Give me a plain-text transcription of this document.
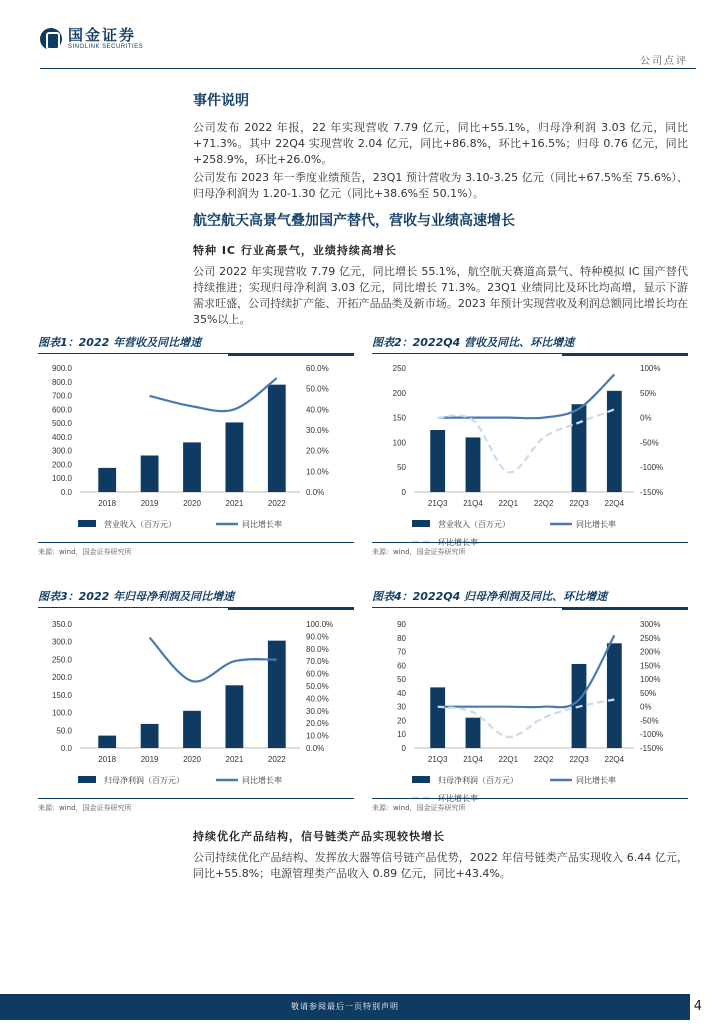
国金证券
SINOLINK SECURITIES
公司点评
事件说明
公司发布 2022 年报，22 年实现营收 7.79 亿元，同比+55.1%，归母净利润 3.03 亿元，同比+71.3%。其中 22Q4 实现营收 2.04 亿元，同比+86.8%，环比+16.5%；归母 0.76 亿元，同比+258.9%，环比+26.0%。
公司发布 2023 年一季度业绩预告，23Q1 预计营收为 3.10-3.25 亿元（同比+67.5%至 75.6%）、归母净利润为 1.20-1.30 亿元（同比+38.6%至 50.1%）。
航空航天高景气叠加国产替代，营收与业绩高速增长
特种 IC 行业高景气，业绩持续高增长
公司 2022 年实现营收 7.79 亿元，同比增长 55.1%，航空航天赛道高景气、特种模拟 IC 国产替代持续推进；实现归母净利润 3.03 亿元，同比增长 71.3%。23Q1 业绩同比及环比均高增，显示下游需求旺盛，公司持续扩产能、开拓产品品类及新市场。2023 年预计实现营收及利润总额同比增长均在 35%以上。
图表1：2022 年营收及同比增速	图表2：2022Q4 营收及同比、环比增速
0.0
100.0
200.0
300.0
400.0
500.0
600.0
700.0
800.0
900.0
0.0%
10.0%
20.0%
30.0%
40.0%
50.0%
60.0%
2018	2019	2020	2021	2022
营业收入（百万元）	同比增长率
0
50
100
150
200
250
-150%
-100%
-50%
0%
50%
100%
21Q3 21Q4 22Q1 22Q2 22Q3 22Q4
营业收入（百万元）	同比增长率
环比增长率
来源：wind，国金证券研究所	来源：wind，国金证券研究所
图表3：2022 年归母净利润及同比增速	图表4：2022Q4 归母净利润及同比、环比增速
0.0
50.0
100.0
150.0
200.0
250.0
300.0
350.0
0.0%
10.0%
20.0%
30.0%
40.0%
50.0%
60.0%
70.0%
80.0%
90.0%
100.0%
2018	2019	2020	2021	2022
归母净利润（百万元）	同比增长率
0
10
20
30
40
50
60
70
80
90
-150%
-100%
-50%
0%
50%
100%
150%
200%
250%
300%
21Q3 21Q4 22Q1 22Q2 22Q3 22Q4
归母净利润（百万元）	同比增长率
环比增长率
来源：wind，国金证券研究所	来源：wind，国金证券研究所
持续优化产品结构，信号链类产品实现较快增长
公司持续优化产品结构、发挥放大器等信号链产品优势，2022 年信号链类产品实现收入 6.44 亿元，同比+55.8%；电源管理类产品收入 0.89 亿元，同比+43.4%。
敬请参阅最后一页特别声明	4
